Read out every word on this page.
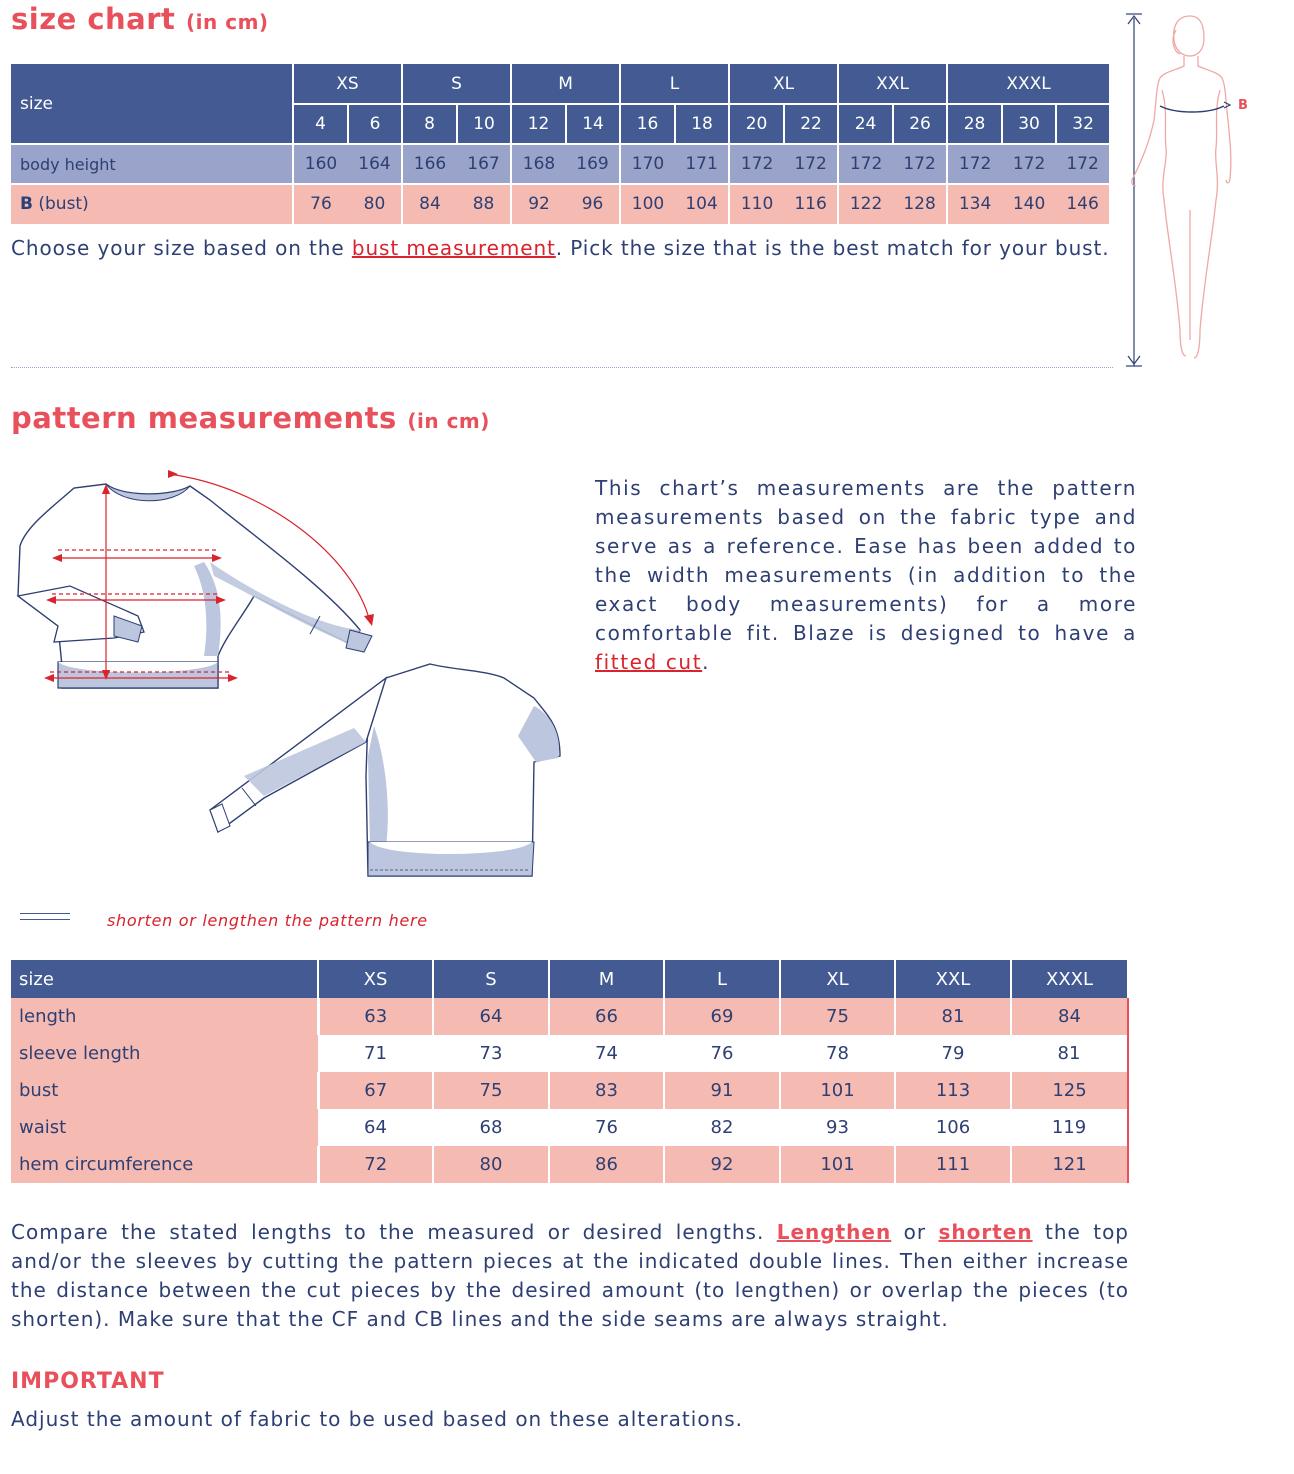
size chart (in cm)
size	XS		S		M		L		XL		XXL		XXXL		
	4	6	8	10	12	14	16	18	20	22	24	26	28	30	32
body height	160	164	166	167	168	169	170	171	172	172	172	172	172	172	172
B (bust)	76	80	84	88	92	96	100	104	110	116	122	128	134	140	146
Choose your size based on the bust measurement. Pick the size that is the best match for your bust.
B
pattern measurements (in cm)
This chart’s measurements are the pattern measurements based on the fabric type and serve as a reference. Ease has been added to the width measurements (in addition to the exact body measurements) for a more comfortable fit. Blaze is designed to have a fitted cut.
shorten or lengthen the pattern here
size	XS	S	M	L	XL	XXL	XXXL
length	63	64	66	69	75	81	84
sleeve length	71	73	74	76	78	79	81
bust	67	75	83	91	101	113	125
waist	64	68	76	82	93	106	119
hem circumference	72	80	86	92	101	111	121
Compare the stated lengths to the measured or desired lengths. Lengthen or shorten the top and/or the sleeves by cutting the pattern pieces at the indicated double lines. Then either increase the distance between the cut pieces by the desired amount (to lengthen) or overlap the pieces (to shorten). Make sure that the CF and CB lines and the side seams are always straight.
IMPORTANT
Adjust the amount of fabric to be used based on these alterations.
